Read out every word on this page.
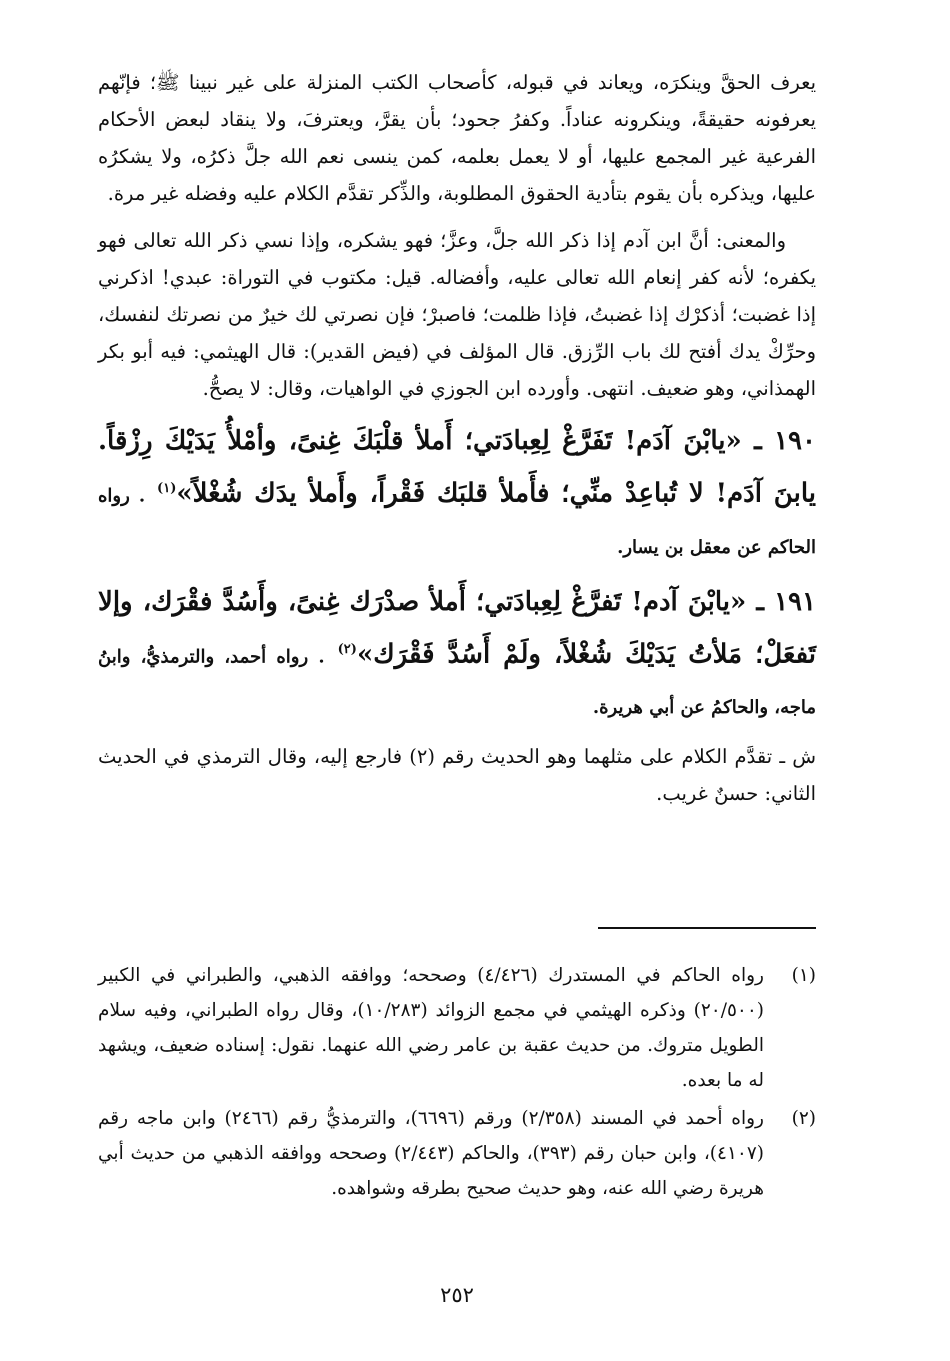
يعرف الحقَّ وينكرَه، ويعاند في قبوله، كأصحاب الكتب المنزلة على غير نبينا ﷺ؛ فإنّهم يعرفونه حقيقةً، وينكرونه عناداً. وكفرُ جحود؛ بأن يقرَّ، ويعترفَ، ولا ينقاد لبعض الأحكام الفرعية غير المجمع عليها، أو لا يعمل بعلمه، كمن ينسى نعم الله جلَّ ذكرُه، ولا يشكرُه عليها، ويذكره بأن يقوم بتأدية الحقوق المطلوبة، والذِّكر تقدَّم الكلام عليه وفضله غير مرة.

والمعنى: أنَّ ابن آدم إذا ذكر الله جلَّ، وعزَّ؛ فهو يشكره، وإذا نسي ذكر الله تعالى فهو يكفره؛ لأنه كفر إنعام الله تعالى عليه، وأفضاله. قيل: مكتوب في التوراة: عبدي! اذكرني إذا غضبت؛ أذكرْك إذا غضبتُ، فإذا ظلمت؛ فاصبرْ؛ فإن نصرتي لك خيرٌ من نصرتك لنفسك، وحرِّكْ يدك أفتح لك باب الرِّزق. قال المؤلف في (فيض القدير): قال الهيثمي: فيه أبو بكر الهمذاني، وهو ضعيف. انتهى. وأورده ابن الجوزي في الواهيات، وقال: لا يصحُّ.

١٩٠ ـ «يابْنَ آدَم! تَفَرَّغْ لِعِبادَتي؛ أَملأ قلْبَكَ غِنىً، وأمْلأُ يَدَيْكَ رِزْقاً. يابنَ آدَم! لا تُباعِدْ منِّي؛ فأَملأ قلبَك فَقْراً، وأَملأ يدَك شُغْلاً»$^{(١)}$ . رواه الحاكم عن معقل بن يسار.

١٩١ ـ «يابْنَ آدم! تَفرَّغْ لِعِبادَتي؛ أَملأ صدْرَك غِنىً، وأَسُدَّ فقْرَك، وإلا تَفعَلْ؛ مَلأتُ يَدَيْكَ شُغْلاً، ولَمْ أَسُدَّ فَقْرَك»$^{(٢)}$ . رواه أحمد، والترمذيُّ، وابنُ ماجه، والحاكمُ عن أبي هريرة.

ش ـ تقدَّم الكلام على مثلهما وهو الحديث رقم (٢) فارجع إليه، وقال الترمذي في الحديث الثاني: حسنٌ غريب.

(١)
رواه الحاكم في المستدرك (٤/٤٢٦) وصححه؛ ووافقه الذهبي، والطبراني في الكبير (٢٠/٥٠٠) وذكره الهيثمي في مجمع الزوائد (١٠/٢٨٣)، وقال رواه الطبراني، وفيه سلام الطويل متروك. من حديث عقبة بن عامر رضي الله عنهما. نقول: إسناده ضعيف، ويشهد له ما بعده.
(٢)
رواه أحمد في المسند (٢/٣٥٨) ورقم (٦٦٩٦)، والترمذيُّ رقم (٢٤٦٦) وابن ماجه رقم (٤١٠٧)، وابن حبان رقم (٣٩٣)، والحاكم (٢/٤٤٣) وصححه ووافقه الذهبي من حديث أبي هريرة رضي الله عنه، وهو حديث صحيح بطرقه وشواهده.
٢٥٢
